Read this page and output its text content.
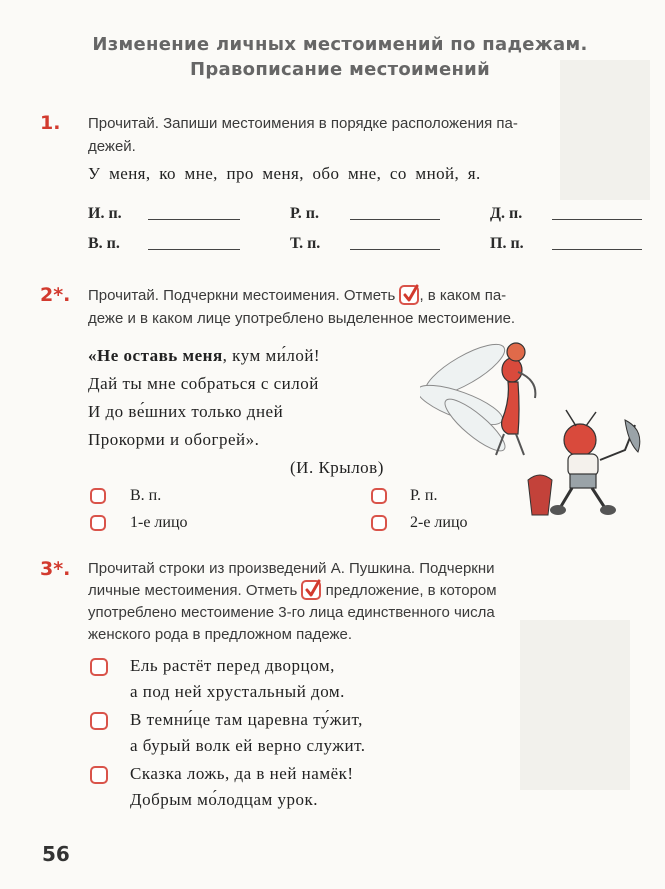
Изменение личных местоимений по падежам.
Правописание местоимений
1. Прочитай. Запиши местоимения в порядке расположения па-
дежей.
У меня, ко мне, про меня, обо мне, со мной, я.
И. п.	Р. п.	Д. п.
В. п.	Т. п.	П. п.
2*. Прочитай. Подчеркни местоимения. Отметь , в каком па-
деже и в каком лице употреблено выделенное местоимение.
«Не оставь меня, кум ми́лой!
Дай ты мне собраться с силой
И до ве́шних только дней
Прокорми и обогрей».
(И. Крылов)
В. п.	Р. п.
1-е лицо	2-е лицо
3*. Прочитай строки из произведений А. Пушкина. Подчеркни
личные местоимения. Отметь предложение, в котором
употреблено местоимение 3-го лица единственного числа
женского рода в предложном падеже.
Ель растёт перед дворцом,
а под ней хрустальный дом.
В темни́це там царевна ту́жит,
а бурый волк ей верно служит.
Сказка ложь, да в ней намёк!
Добрым мо́лодцам урок.
56
